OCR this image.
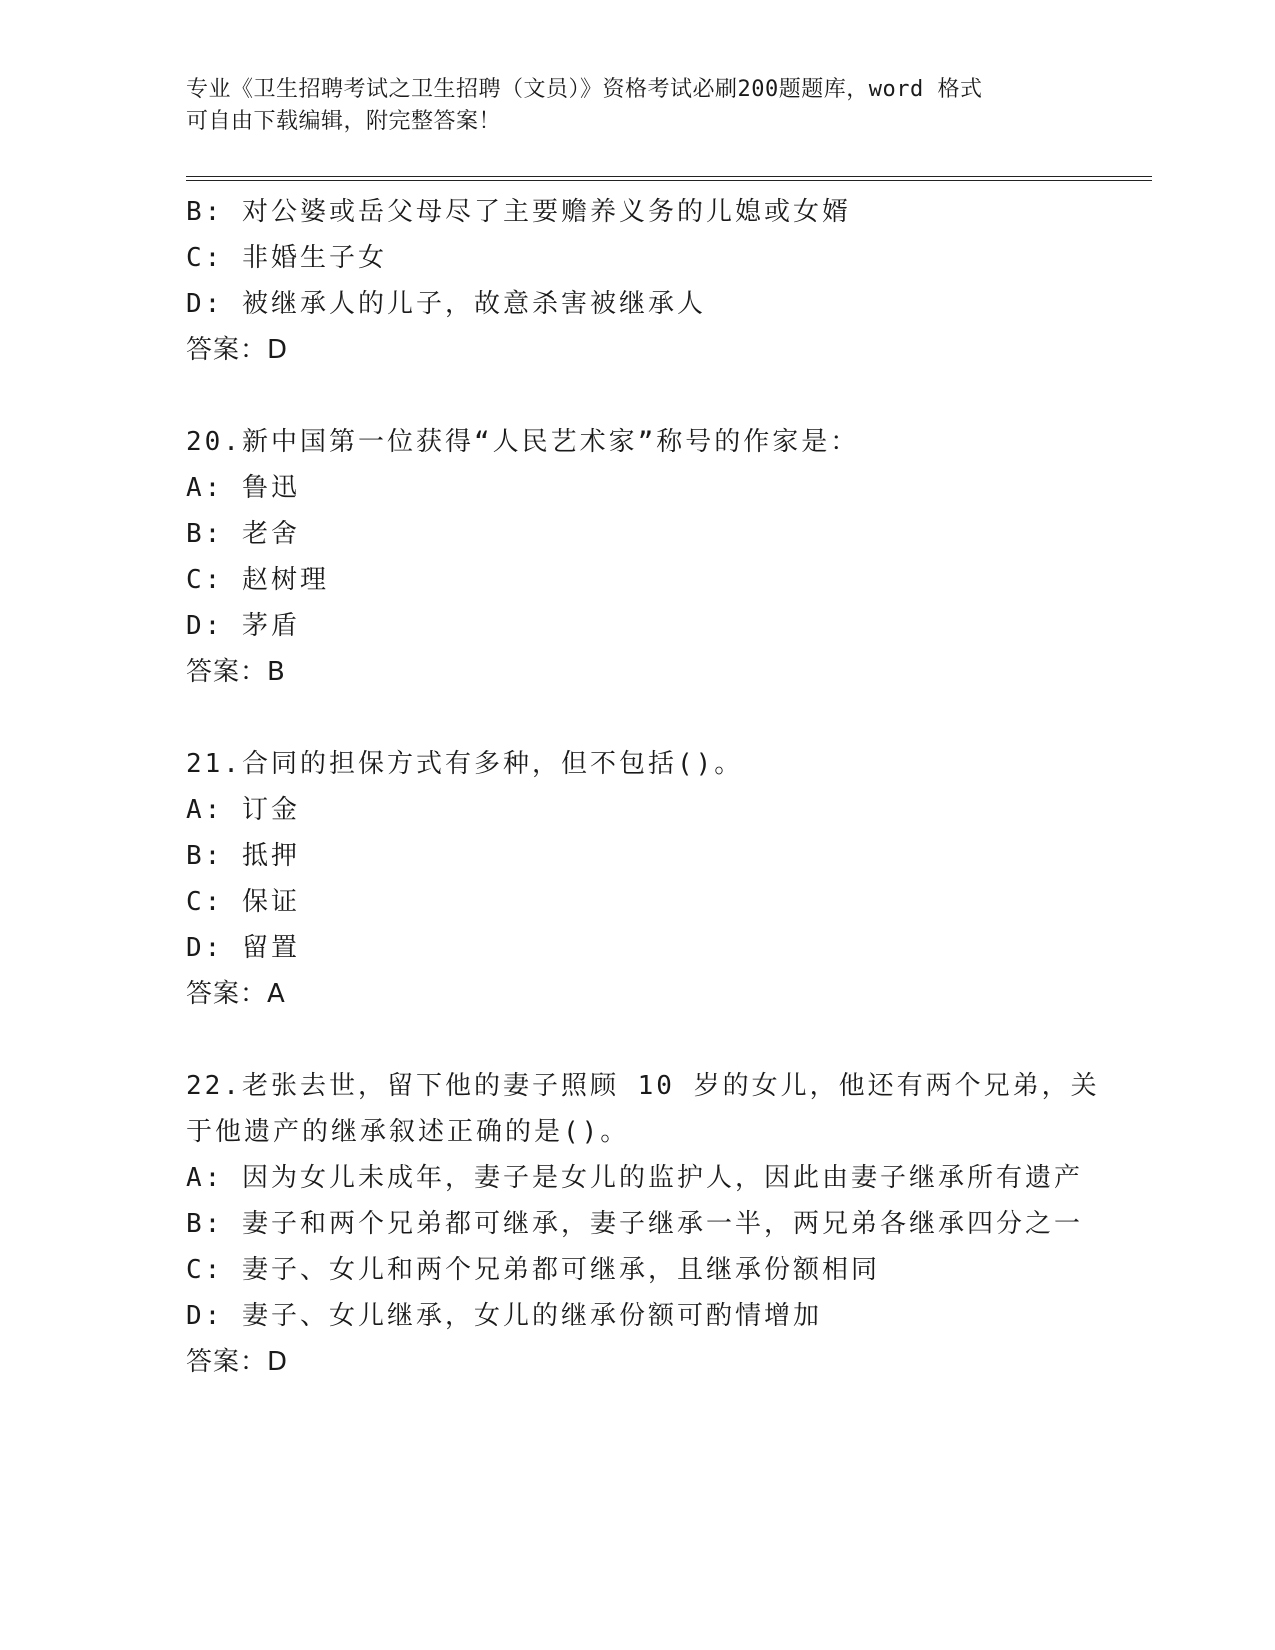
专业《卫生招聘考试之卫生招聘（文员）》资格考试必刷200题题库，word 格式
可自由下载编辑，附完整答案！
B: 对公婆或岳父母尽了主要赡养义务的儿媳或女婿
C: 非婚生子女
D: 被继承人的儿子，故意杀害被继承人
答案：D
20.新中国第一位获得“人民艺术家”称号的作家是：
A: 鲁迅
B: 老舍
C: 赵树理
D: 茅盾
答案：B
21.合同的担保方式有多种，但不包括()。
A: 订金
B: 抵押
C: 保证
D: 留置
答案：A
22.老张去世，留下他的妻子照顾 10 岁的女儿，他还有两个兄弟，关
于他遗产的继承叙述正确的是()。
A: 因为女儿未成年，妻子是女儿的监护人，因此由妻子继承所有遗产
B: 妻子和两个兄弟都可继承，妻子继承一半，两兄弟各继承四分之一
C: 妻子、女儿和两个兄弟都可继承，且继承份额相同
D: 妻子、女儿继承，女儿的继承份额可酌情增加
答案：D
